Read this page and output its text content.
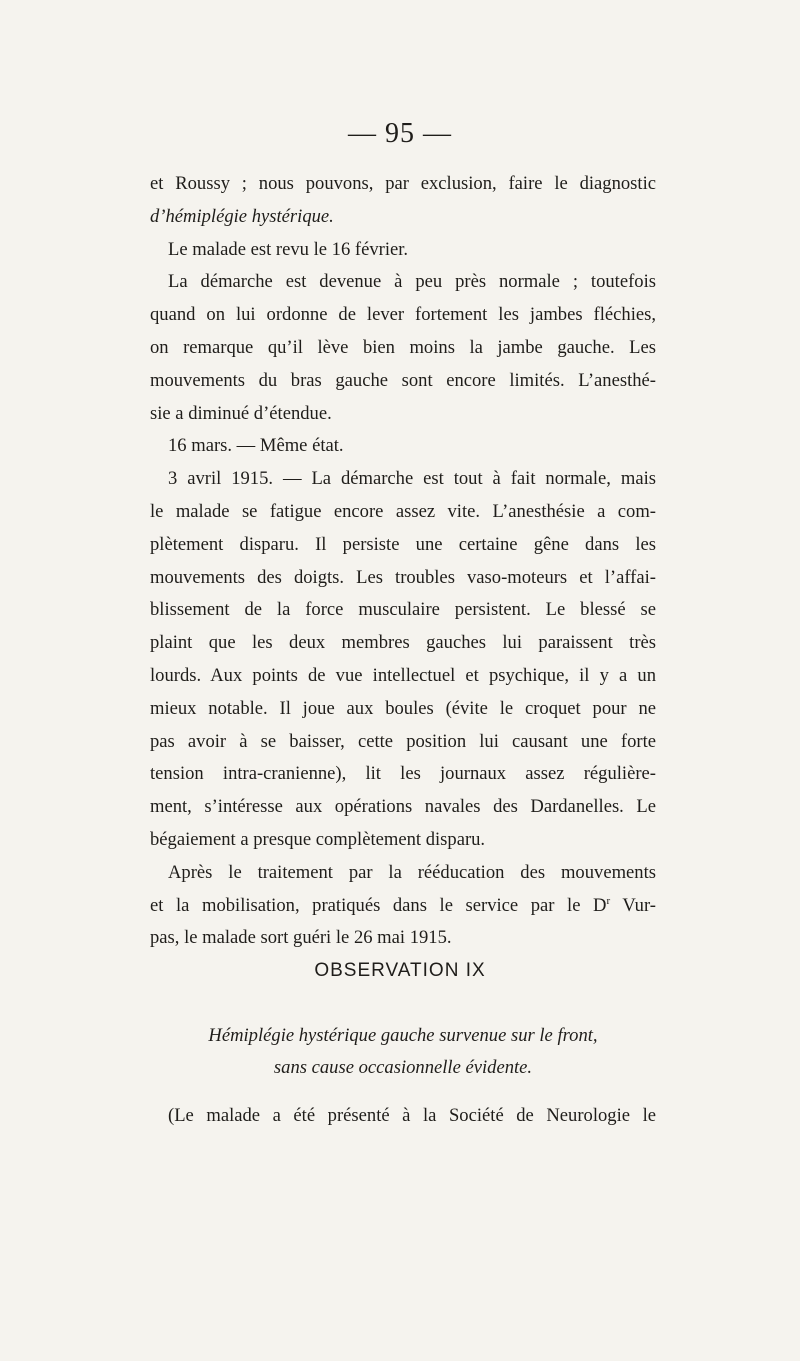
— 95 —
et Roussy ; nous pouvons, par exclusion, faire le diagnostic
d’hémiplégie hystérique.
Le malade est revu le 16 février.
La démarche est devenue à peu près normale ; toutefois
quand on lui ordonne de lever fortement les jambes fléchies,
on remarque qu’il lève bien moins la jambe gauche. Les
mouvements du bras gauche sont encore limités. L’anesthé-
sie a diminué d’étendue.
16 mars. — Même état.
3 avril 1915. — La démarche est tout à fait normale, mais
le malade se fatigue encore assez vite. L’anesthésie a com-
plètement disparu. Il persiste une certaine gêne dans les
mouvements des doigts. Les troubles vaso-moteurs et l’affai-
blissement de la force musculaire persistent. Le blessé se
plaint que les deux membres gauches lui paraissent très
lourds. Aux points de vue intellectuel et psychique, il y a un
mieux notable. Il joue aux boules (évite le croquet pour ne
pas avoir à se baisser, cette position lui causant une forte
tension intra-cranienne), lit les journaux assez régulière-
ment, s’intéresse aux opérations navales des Dardanelles. Le
bégaiement a presque complètement disparu.
Après le traitement par la rééducation des mouvements
et la mobilisation, pratiqués dans le service par le $D^r$ Vur-
pas, le malade sort guéri le 26 mai 1915.
OBSERVATION IX
Hémiplégie hystérique gauche survenue sur le front,
sans cause occasionnelle évidente.
(Le malade a été présenté à la Société de Neurologie le
